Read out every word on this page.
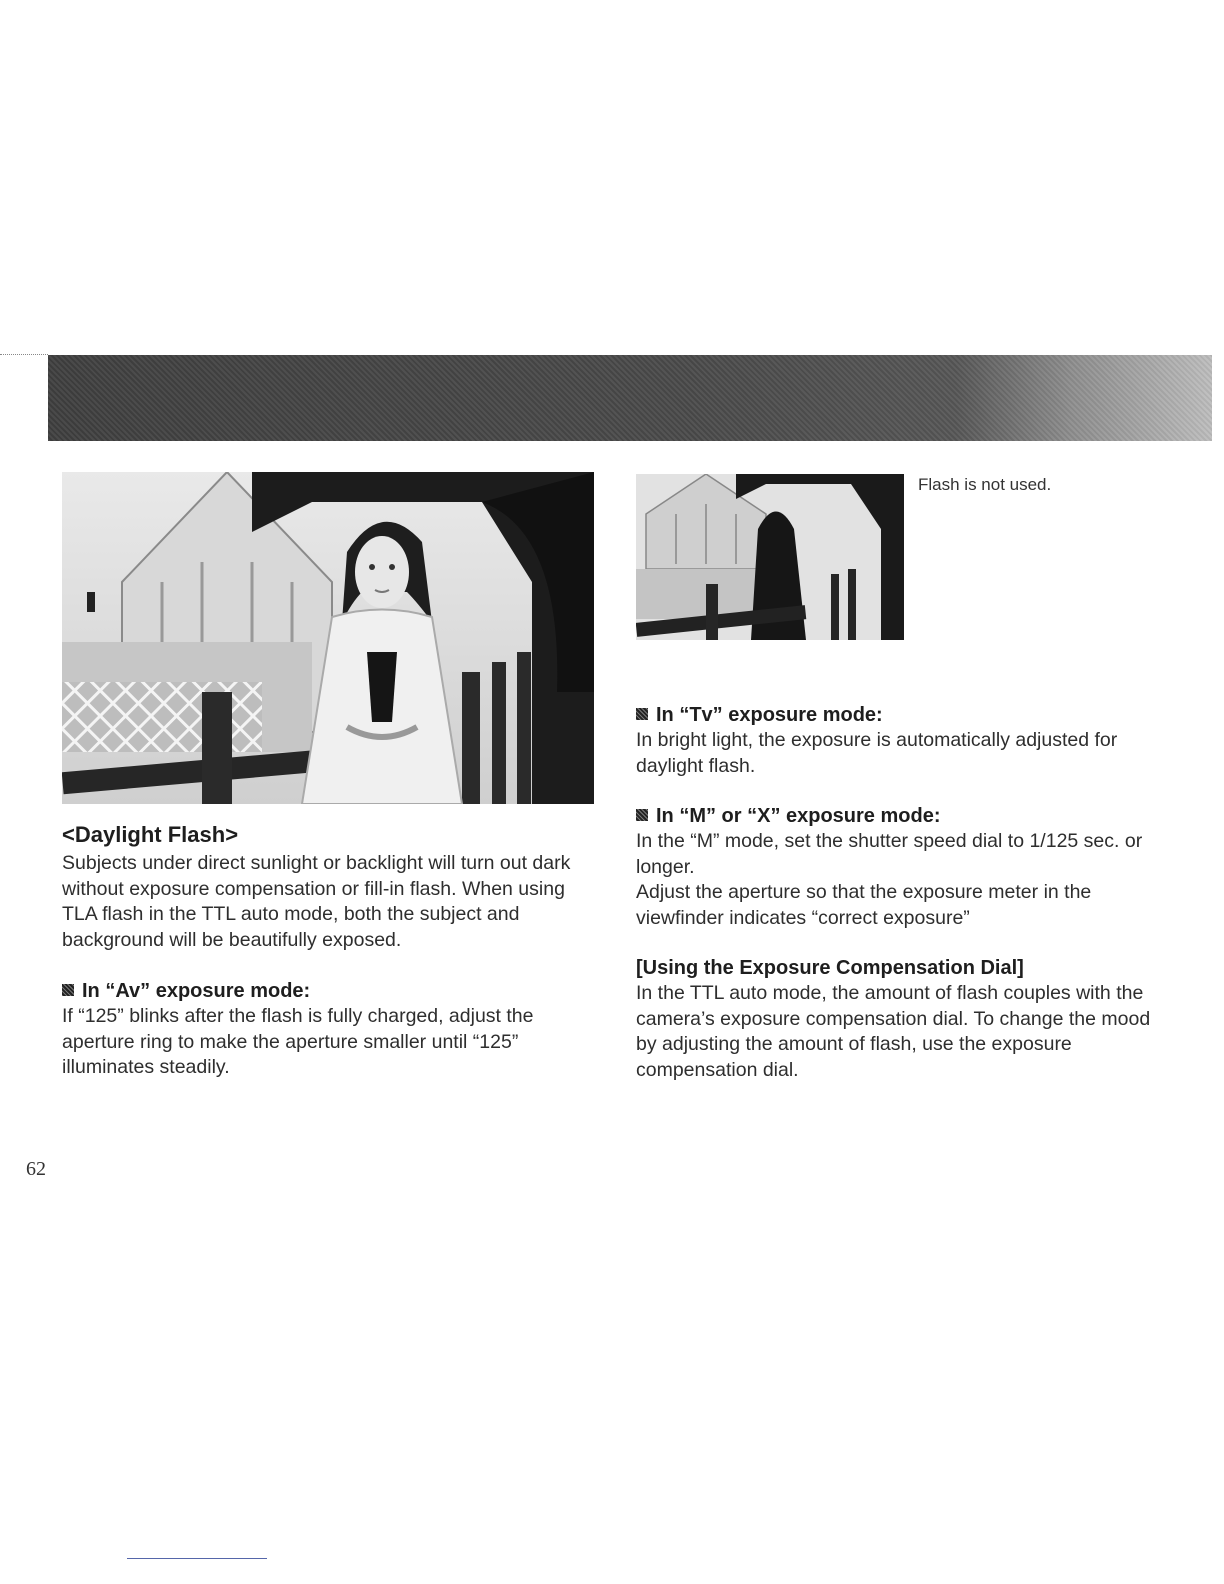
Flash is not used.
<Daylight Flash>

Subjects under direct sunlight or backlight will turn out dark without exposure compensation or fill-in flash. When using TLA flash in the TTL auto mode, both the subject and background will be beautifully exposed.

In “Av” exposure mode:

If “125” blinks after the flash is fully charged, adjust the aperture ring to make the aperture smaller until “125” illuminates steadily.

In “Tv” exposure mode:

In bright light, the exposure is automatically adjusted for daylight flash.

In “M” or “X” exposure mode:

In the “M” mode, set the shutter speed dial to 1/125 sec. or longer.

Adjust the aperture so that the exposure meter in the viewfinder indicates “correct exposure”

[Using the Exposure Compensation Dial]

In the TTL auto mode, the amount of flash couples with the camera’s exposure compensation dial. To change the mood by adjusting the amount of flash, use the exposure compensation dial.

62
